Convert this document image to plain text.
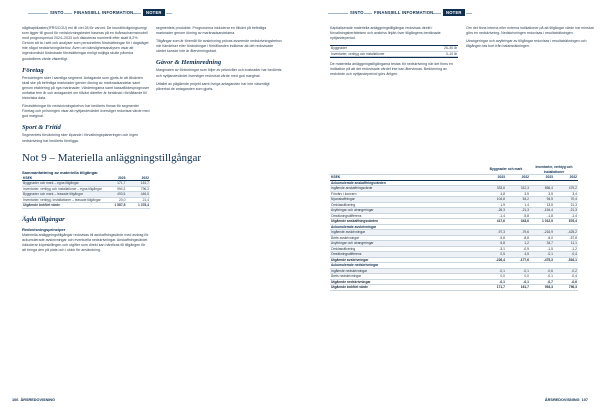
SINTO FINANSIELL INFORMATION	NOTER

någtbaptikasten(IFRS/CGU) enl till viel 28 för varunt. De krundfördigningsomgi som ligger till grund för nedskrivningstestet baseras på en tioårsscharmsmodell med prognosperiod 2024–2033 och diskuteras nominellt efter skatt 8,2%. Genom att ta i sett och analyser som personellets förutsättningar för i dagsläget inte något nedskrivningsbehov. Även om känslighetsanalysen visar att ingenkomliskt förändrade förutsättningar rimligt möjliga skulle påverka goodwillens värde väsentligt.

Företag

Periodningen sker i samtliga segment. Antagande som gjorts är att tillväxten skall ske på befintliga marknader genom ökning av marknadsandelar samt genom etablering på nya marknader. Värderingarna samt kassaflödesprognoser omfattar fem år och antagandet om tillväxt därefter är beräknat i förhållande till historiska data.

Förutsättningar för nedskrivningsbehov har bedömts finnas för segmentet Företag och prövningen visar att nyttjandevärdet överstiger redovisat värde med god marginal.

Sport & Fritid

Segmentets förväntning sker löpande i förvaltningsplaneringen och ingen nedskrivning har bedömts föreligga.

Not 9 – Materiella anläggningstillgångar
Sammanfattning av materiella tillgångar
KSEK	2023	2022
Byggnader och mark – egna tillgångar	171,7	161,7
Inventarier, verktyg och installationer – egna tillgångar	954,3	796,3
Byggnader och mark – leasade tillgångar	493,5	446,5
Inventarier, verktyg, installationer – leasade tillgångar	20,0	21,4
Utgående bokfört värde	1 587,8	1 378,4
Ägda tillgångar
Redovisningsprinciper

Materiella anläggningstillgångar redovisas till anskaffningsvärde med avdrag för ackumulerade avskrivningar och eventuella nedskrivningar. Anskaffningsvärdet inkluderar köpeskillingen och utgifter som direkt kan hänföras till tillgången för att bringa den på plats och i skick för användning.

segmentets produkter. Prognoserna inkluderar en tillväxt på befintliga marknader genom ökning av marknadsandelarna.

Tillgångar som är föremål för avskrivning prövas avseende nedskrivningsbehov när händelser eller förändringar i förhållanden indikerar att det redovisade värdet kanske inte är återvinningsbart.

Gåvor & Heminredning

Marginalen av förändringar som följer av prisnivåer och kostnader har bedömts och nyttjandevärdet överstiger redovisat värde med god marginal.

Utfallet av pågående projekt samt övriga antaganden har inte väsentligt påverkat de antaganden som gjorts.

106 ÅRSREDOVISNING
SINTO FINANSIELL INFORMATION	NOTER

Kapitaliserade materiella anläggningstillgångar redovisas direkt i förvaltningsberättelsen och avskrivs linjärt över tillgångens beräknade nyttjandeperiod.

Byggnader	25–50 år
Inventarier, verktyg och installationer	3–10 år

De materiella anläggningstillgångarna testas för nedskrivning när det finns en indikation på att det redovisade värdet inte kan återvinnas. Bedömning av restvärde och nyttjandeperiod görs årligen.

Om det finns interna eller externa indikationer på att tillgångar värde har minskat görs en nedskrivning. Nedskrivningen redovisas i resultaträkningen.

Utrangeringar och avyttringar av tillgångar redovisas i resultaträkningen och tillgången tas bort från balansräkningen.

	Byggnader och mark		Inventarier, verktyg och installationer	
KSEK	2023	2022	2023	2022
Ackumulerade anskaffningsvärden				
Ingående anskaffningsvärde	333,6	312,3	856,4	479,2
Förvärv i koncern	4,8	3,5	3,5	3,4
Nyanskaffningar	104,8	54,2	94,5	70,4
Omklassificering	1,9	1,4	13,5	21,3
Avyttringar och utrangeringar	-26,3	-21,3	-154,4	-21,3
Omräkningsdifferens	-1,4	-5,8	-1,8	-1,4
Utgående anskaffningsvärden	417,6	343,6	1 012,9	876,4
Ackumulerade avskrivningar				
Ingående avskrivningar	-97,3	-79,6	-216,9	-425,2
Årets avskrivningar	-9,8	-8,8	-8,0	-57,8
Avyttringar och utrangeringar	6,8	1,2	34,7	11,1
Omklassificering	-3,1	-0,9	-1,5	-1,2
Omräkningsdifferens	0,5	4,5	-0,1	-0,4
Utgående avskrivningar	-226,4	-177,6	-475,3	-516,1
Ackumulerade nedskrivningar				
Ingående nedskrivningar	-0,1	-0,1	-0,6	-0,2
Årets nedskrivningar	0,0	0,0	-0,1	-0,4
Utgående nedskrivningar	-0,1	-0,1	-0,7	-0,6
Utgående bokfört värde	171,7	161,7	954,3	796,3
ÅRSREDOVISNING 107
